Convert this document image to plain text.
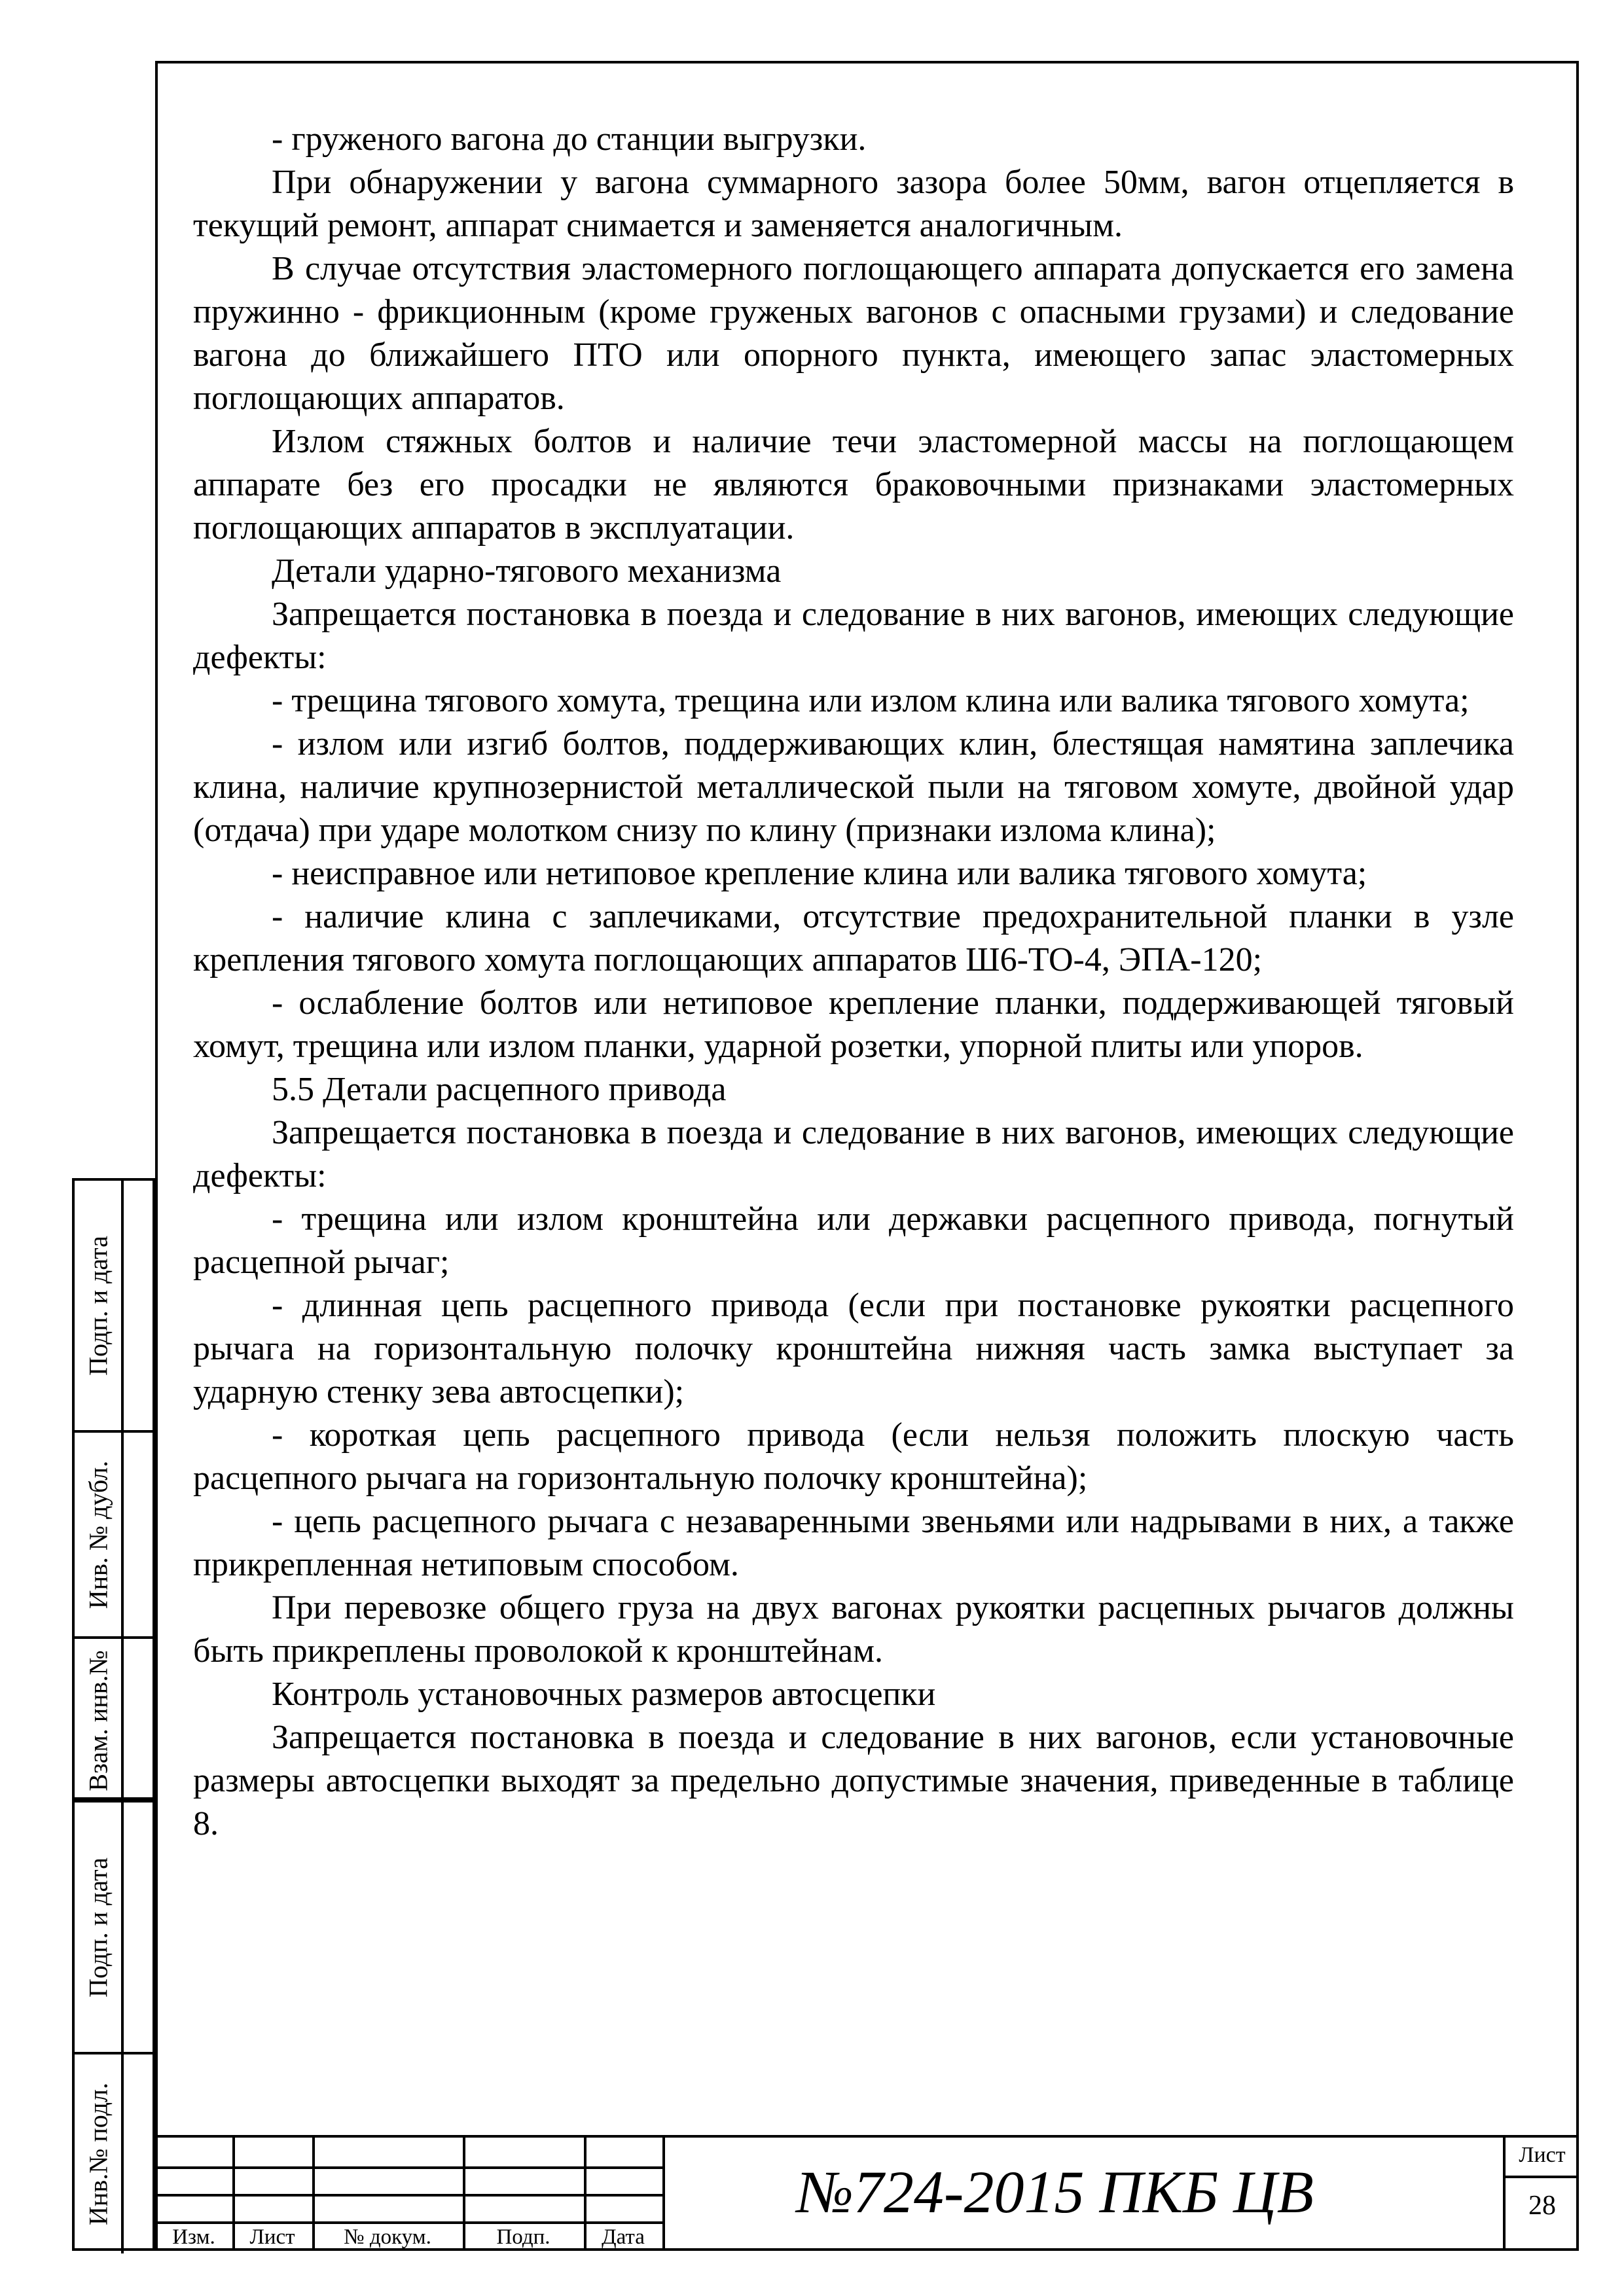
- груженого вагона до станции выгрузки.

При обнаружении у вагона суммарного зазора более 50мм, вагон отцепляется в текущий ремонт, аппарат снимается и заменяется аналогичным.

В случае отсутствия эластомерного поглощающего аппарата допускается его замена пружинно - фрикционным (кроме груженых вагонов с опасными грузами) и следование вагона до ближайшего ПТО или опорного пункта, имеющего запас эластомерных поглощающих аппаратов.

Излом стяжных болтов и наличие течи эластомерной массы на поглощающем аппарате без его просадки не являются браковочными признаками эластомерных поглощающих аппаратов в эксплуатации.

Детали ударно-тягового механизма

Запрещается постановка в поезда и следование в них вагонов, имеющих следующие дефекты:

- трещина тягового хомута, трещина или излом клина или валика тягового хомута;

- излом или изгиб болтов, поддерживающих клин, блестящая намятина заплечика клина, наличие крупнозернистой металлической пыли на тяговом хомуте, двойной удар (отдача) при ударе молотком снизу по клину (признаки излома клина);

- неисправное или нетиповое крепление клина или валика тягового хомута;

- наличие клина с заплечиками, отсутствие предохранительной планки в узле крепления тягового хомута поглощающих аппаратов Ш6-ТО-4, ЭПА-120;

- ослабление болтов или нетиповое крепление планки, поддерживающей тяговый хомут, трещина или излом планки, ударной розетки, упорной плиты или упоров.

5.5 Детали расцепного привода

Запрещается постановка в поезда и следование в них вагонов, имеющих следующие дефекты:

- трещина или излом кронштейна или державки расцепного привода, погнутый расцепной рычаг;

- длинная цепь расцепного привода (если при постановке рукоятки расцепного рычага на горизонтальную полочку кронштейна нижняя часть замка выступает за ударную стенку зева автосцепки);

- короткая цепь расцепного привода (если нельзя положить плоскую часть расцепного рычага на горизонтальную полочку кронштейна);

- цепь расцепного рычага с незаваренными звеньями или надрывами в них, а также прикрепленная нетиповым способом.

При перевозке общего груза на двух вагонах рукоятки расцепных рычагов должны быть прикреплены проволокой к кронштейнам.

Контроль установочных размеров автосцепки

Запрещается постановка в поезда и следование в них вагонов, если установочные размеры автосцепки выходят за предельно допустимые значения, приведенные в таблице 8.

Подп. и дата
Инв. № дубл.
Взам. инв.№
Подп. и дата
Инв.№ подл.
Изм.	Лист	№ докум.	Подп.	Дата
№724-2015 ПКБ ЦВ
Лист
28
